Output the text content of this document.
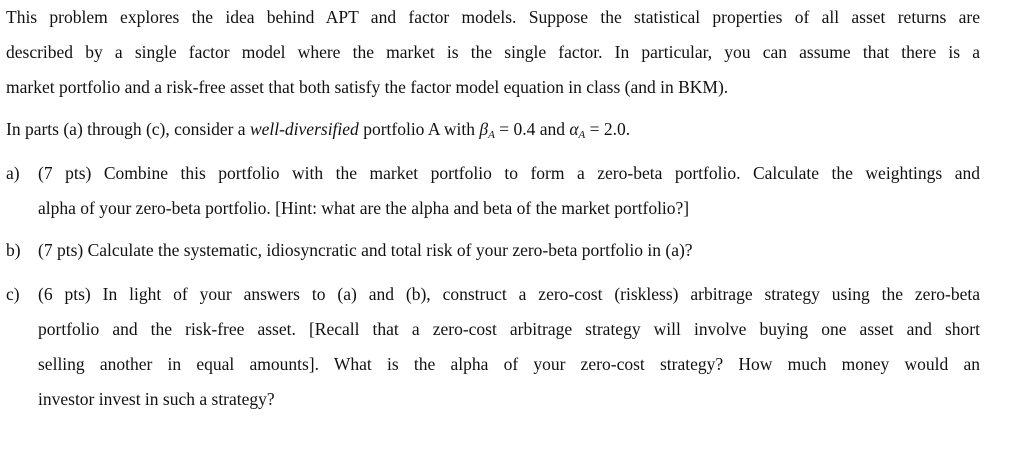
This problem explores the idea behind APT and factor models. Suppose the statistical properties of all asset returns are
described by a single factor model where the market is the single factor. In particular, you can assume that there is a
market portfolio and a risk-free asset that both satisfy the factor model equation in class (and in BKM).
In parts (a) through (c), consider a well-diversified portfolio A with βA = 0.4 and αA = 2.0.
a) (7 pts) Combine this portfolio with the market portfolio to form a zero-beta portfolio. Calculate the weightings and
alpha of your zero-beta portfolio. [Hint: what are the alpha and beta of the market portfolio?]
b) (7 pts) Calculate the systematic, idiosyncratic and total risk of your zero-beta portfolio in (a)?
c) (6 pts) In light of your answers to (a) and (b), construct a zero-cost (riskless) arbitrage strategy using the zero-beta
portfolio and the risk-free asset. [Recall that a zero-cost arbitrage strategy will involve buying one asset and short
selling another in equal amounts]. What is the alpha of your zero-cost strategy? How much money would an
investor invest in such a strategy?
